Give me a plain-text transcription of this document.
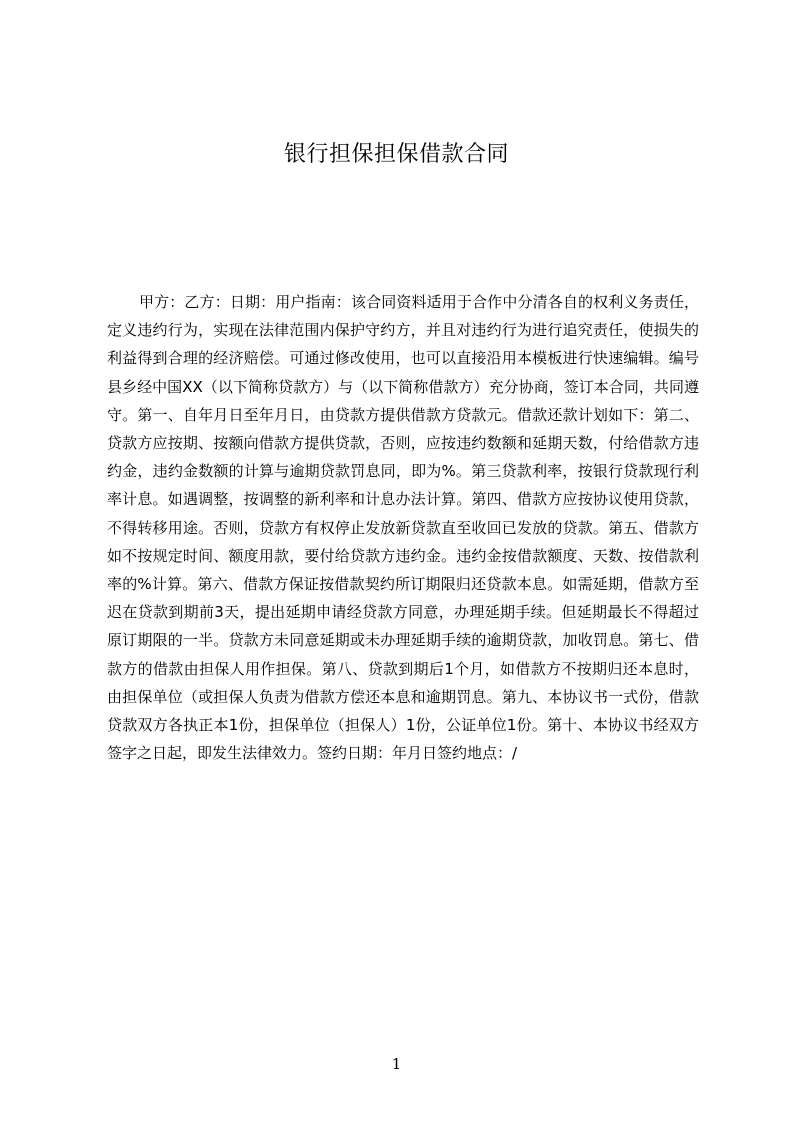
银行担保担保借款合同

甲方：乙方：日期：用户指南：该合同资料适用于合作中分清各自的权利义务责任，定义违约行为，实现在法律范围内保护守约方，并且对违约行为进行追究责任，使损失的利益得到合理的经济赔偿。可通过修改使用，也可以直接沿用本模板进行快速编辑。编号县乡经中国XX（以下简称贷款方）与（以下简称借款方）充分协商，签订本合同，共同遵守。第一、自年月日至年月日，由贷款方提供借款方贷款元。借款还款计划如下：第二、贷款方应按期、按额向借款方提供贷款，否则，应按违约数额和延期天数，付给借款方违约金，违约金数额的计算与逾期贷款罚息同，即为%。第三贷款利率，按银行贷款现行利率计息。如遇调整，按调整的新利率和计息办法计算。第四、借款方应按协议使用贷款，不得转移用途。否则，贷款方有权停止发放新贷款直至收回已发放的贷款。第五、借款方如不按规定时间、额度用款，要付给贷款方违约金。违约金按借款额度、天数、按借款利率的%计算。第六、借款方保证按借款契约所订期限归还贷款本息。如需延期，借款方至迟在贷款到期前3天，提出延期申请经贷款方同意，办理延期手续。但延期最长不得超过原订期限的一半。贷款方未同意延期或未办理延期手续的逾期贷款，加收罚息。第七、借款方的借款由担保人用作担保。第八、贷款到期后1个月，如借款方不按期归还本息时，由担保单位（或担保人负责为借款方偿还本息和逾期罚息。第九、本协议书一式份，借款贷款双方各执正本1份，担保单位（担保人）1份，公证单位1份。第十、本协议书经双方签字之日起，即发生法律效力。签约日期：年月日签约地点：/

1
